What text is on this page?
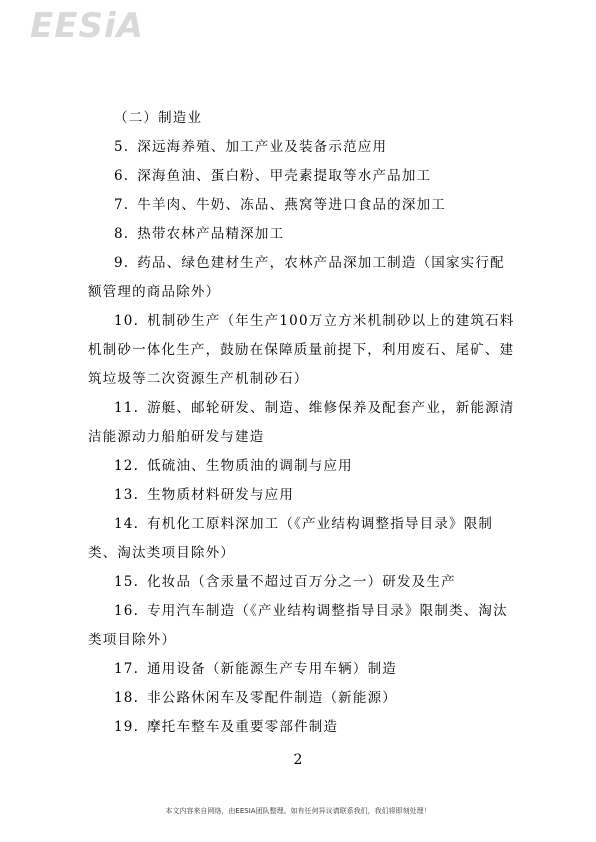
EESiA

（二）制造业

5. 深远海养殖、加工产业及装备示范应用

6. 深海鱼油、蛋白粉、甲壳素提取等水产品加工

7. 牛羊肉、牛奶、冻品、燕窝等进口食品的深加工

8. 热带农林产品精深加工

9. 药品、绿色建材生产，农林产品深加工制造（国家实行配额管理的商品除外）

10. 机制砂生产（年生产100万立方米机制砂以上的建筑石料机制砂一体化生产，鼓励在保障质量前提下，利用废石、尾矿、建筑垃圾等二次资源生产机制砂石）

11. 游艇、邮轮研发、制造、维修保养及配套产业，新能源清洁能源动力船舶研发与建造

12. 低硫油、生物质油的调制与应用

13. 生物质材料研发与应用

14. 有机化工原料深加工（《产业结构调整指导目录》限制类、淘汰类项目除外）

15. 化妆品（含汞量不超过百万分之一）研发及生产

16. 专用汽车制造（《产业结构调整指导目录》限制类、淘汰类项目除外）

17. 通用设备（新能源生产专用车辆）制造

18. 非公路休闲车及零配件制造（新能源）

19. 摩托车整车及重要零部件制造

2
本文内容来自网络，由EESIA团队整理。如有任何异议请联系我们，我们将即刻处理！
